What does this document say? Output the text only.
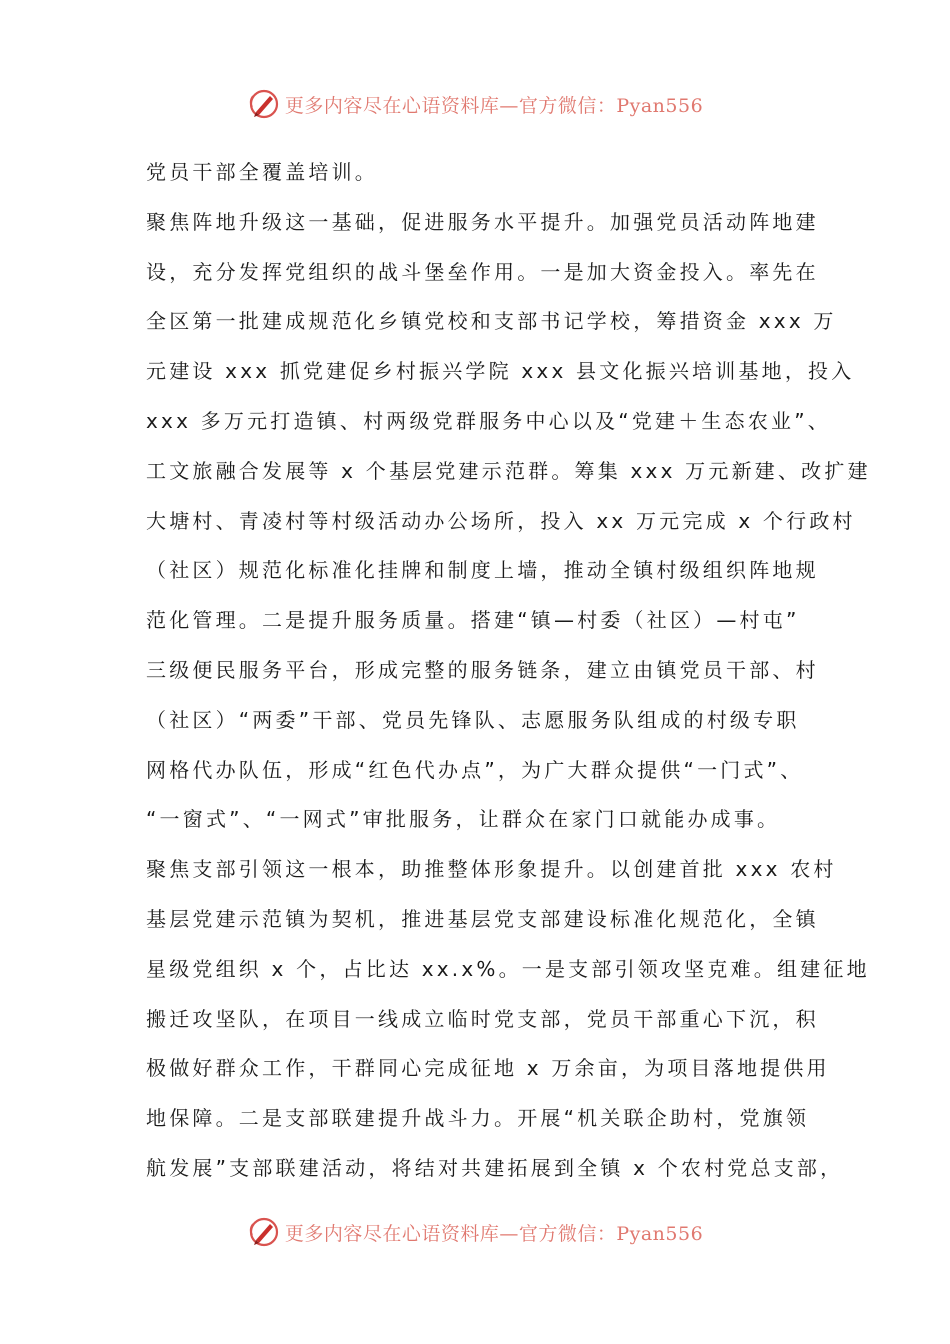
更多内容尽在心语资料库—官方微信：Pyan556
党员干部全覆盖培训。
聚焦阵地升级这一基础，促进服务水平提升。加强党员活动阵地建
设，充分发挥党组织的战斗堡垒作用。一是加大资金投入。率先在
全区第一批建成规范化乡镇党校和支部书记学校，筹措资金 xxx 万
元建设 xxx 抓党建促乡村振兴学院 xxx 县文化振兴培训基地，投入
xxx 多万元打造镇、村两级党群服务中心以及“党建＋生态农业”、
工文旅融合发展等 x 个基层党建示范群。筹集 xxx 万元新建、改扩建
大塘村、青凌村等村级活动办公场所，投入 xx 万元完成 x 个行政村
（社区）规范化标准化挂牌和制度上墙，推动全镇村级组织阵地规
范化管理。二是提升服务质量。搭建“镇—村委（社区）—村屯”
三级便民服务平台，形成完整的服务链条，建立由镇党员干部、村
（社区）“两委”干部、党员先锋队、志愿服务队组成的村级专职
网格代办队伍，形成“红色代办点”，为广大群众提供“一门式”、
“一窗式”、“一网式”审批服务，让群众在家门口就能办成事。
聚焦支部引领这一根本，助推整体形象提升。以创建首批 xxx 农村
基层党建示范镇为契机，推进基层党支部建设标准化规范化，全镇
星级党组织 x 个，占比达 xx.x%。一是支部引领攻坚克难。组建征地
搬迁攻坚队，在项目一线成立临时党支部，党员干部重心下沉，积
极做好群众工作，干群同心完成征地 x 万余亩，为项目落地提供用
地保障。二是支部联建提升战斗力。开展“机关联企助村，党旗领
航发展”支部联建活动，将结对共建拓展到全镇 x 个农村党总支部，
更多内容尽在心语资料库—官方微信：Pyan556
